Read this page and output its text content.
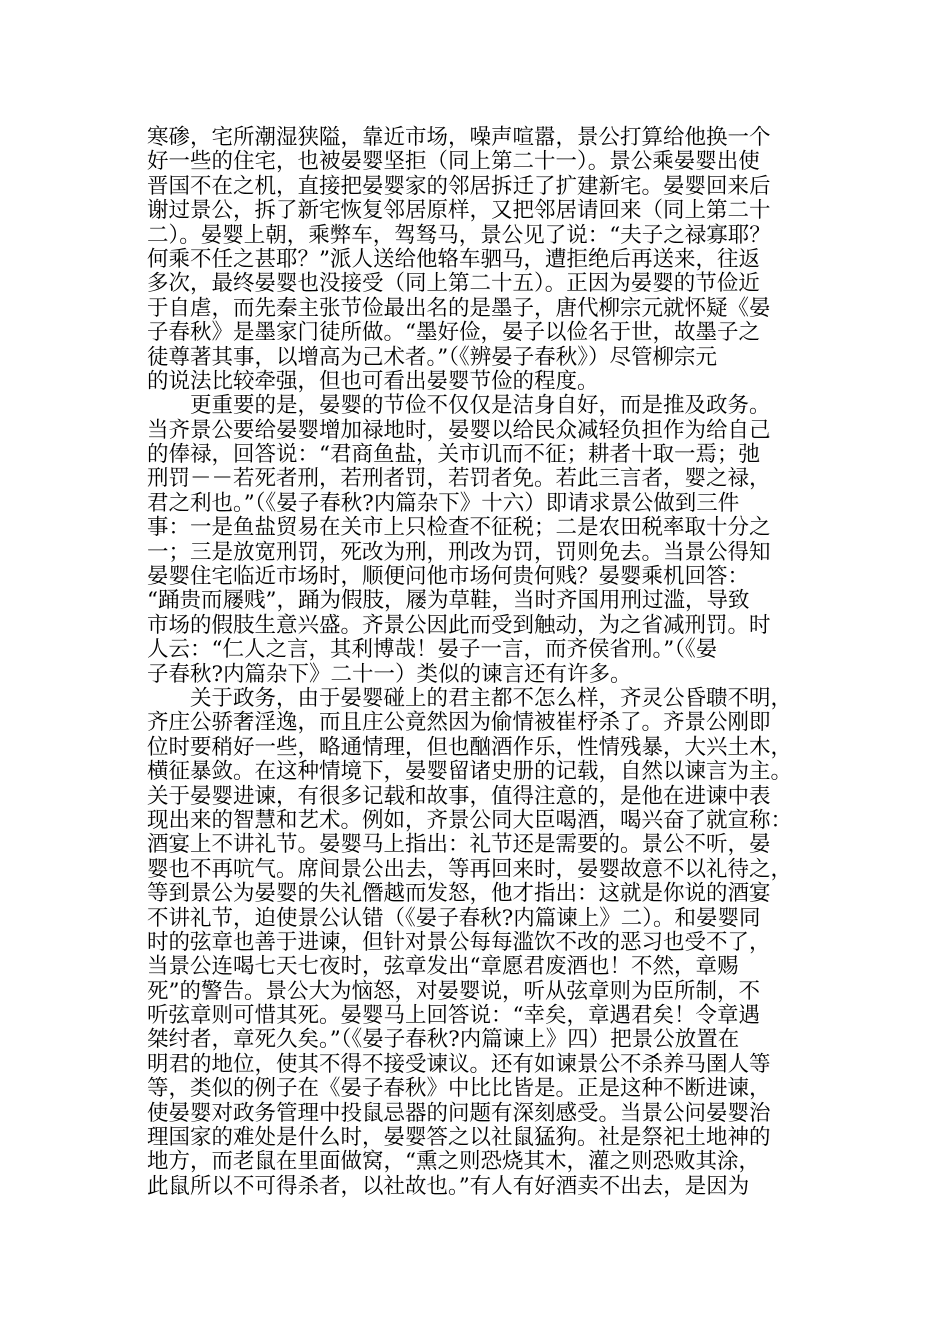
寒碜，宅所潮湿狭隘，靠近市场，噪声喧嚣，景公打算给他换一个
好一些的住宅，也被晏婴坚拒（同上第二十一）。景公乘晏婴出使
晋国不在之机，直接把晏婴家的邻居拆迁了扩建新宅。晏婴回来后
谢过景公，拆了新宅恢复邻居原样，又把邻居请回来（同上第二十
二）。晏婴上朝，乘弊车，驾驽马，景公见了说：“夫子之禄寡耶？
何乘不任之甚耶？”派人送给他辂车驷马，遭拒绝后再送来，往返
多次，最终晏婴也没接受（同上第二十五）。正因为晏婴的节俭近
于自虐，而先秦主张节俭最出名的是墨子，唐代柳宗元就怀疑《晏
子春秋》是墨家门徒所做。“墨好俭，晏子以俭名于世，故墨子之
徒尊著其事，以增高为己术者。”（《辨晏子春秋》）尽管柳宗元
的说法比较牵强，但也可看出晏婴节俭的程度。
　　更重要的是，晏婴的节俭不仅仅是洁身自好，而是推及政务。
当齐景公要给晏婴增加禄地时，晏婴以给民众减轻负担作为给自己
的俸禄，回答说：“君商鱼盐，关市讥而不征；耕者十取一焉；弛
刑罚－－若死者刑，若刑者罚，若罚者免。若此三言者，婴之禄，
君之利也。”（《晏子春秋?内篇杂下》十六）即请求景公做到三件
事：一是鱼盐贸易在关市上只检查不征税；二是农田税率取十分之
一；三是放宽刑罚，死改为刑，刑改为罚，罚则免去。当景公得知
晏婴住宅临近市场时，顺便问他市场何贵何贱？晏婴乘机回答：
“踊贵而屦贱”，踊为假肢，屦为草鞋，当时齐国用刑过滥，导致
市场的假肢生意兴盛。齐景公因此而受到触动，为之省减刑罚。时
人云：“仁人之言，其利博哉！晏子一言，而齐侯省刑。”（《晏
子春秋?内篇杂下》二十一）类似的谏言还有许多。
　　关于政务，由于晏婴碰上的君主都不怎么样，齐灵公昏聩不明，
齐庄公骄奢淫逸，而且庄公竟然因为偷情被崔杼杀了。齐景公刚即
位时要稍好一些，略通情理，但也酗酒作乐，性情残暴，大兴土木，
横征暴敛。在这种情境下，晏婴留诸史册的记载，自然以谏言为主。
关于晏婴进谏，有很多记载和故事，值得注意的，是他在进谏中表
现出来的智慧和艺术。例如，齐景公同大臣喝酒，喝兴奋了就宣称：
酒宴上不讲礼节。晏婴马上指出：礼节还是需要的。景公不听，晏
婴也不再吭气。席间景公出去，等再回来时，晏婴故意不以礼待之，
等到景公为晏婴的失礼僭越而发怒，他才指出：这就是你说的酒宴
不讲礼节，迫使景公认错（《晏子春秋?内篇谏上》二）。和晏婴同
时的弦章也善于进谏，但针对景公每每滥饮不改的恶习也受不了，
当景公连喝七天七夜时，弦章发出“章愿君废酒也！不然，章赐
死”的警告。景公大为恼怒，对晏婴说，听从弦章则为臣所制，不
听弦章则可惜其死。晏婴马上回答说：“幸矣，章遇君矣！令章遇
桀纣者，章死久矣。”（《晏子春秋?内篇谏上》四）把景公放置在
明君的地位，使其不得不接受谏议。还有如谏景公不杀养马圉人等
等，类似的例子在《晏子春秋》中比比皆是。正是这种不断进谏，
使晏婴对政务管理中投鼠忌器的问题有深刻感受。当景公问晏婴治
理国家的难处是什么时，晏婴答之以社鼠猛狗。社是祭祀土地神的
地方，而老鼠在里面做窝，“熏之则恐烧其木，灌之则恐败其涂，
此鼠所以不可得杀者，以社故也。”有人有好酒卖不出去，是因为
